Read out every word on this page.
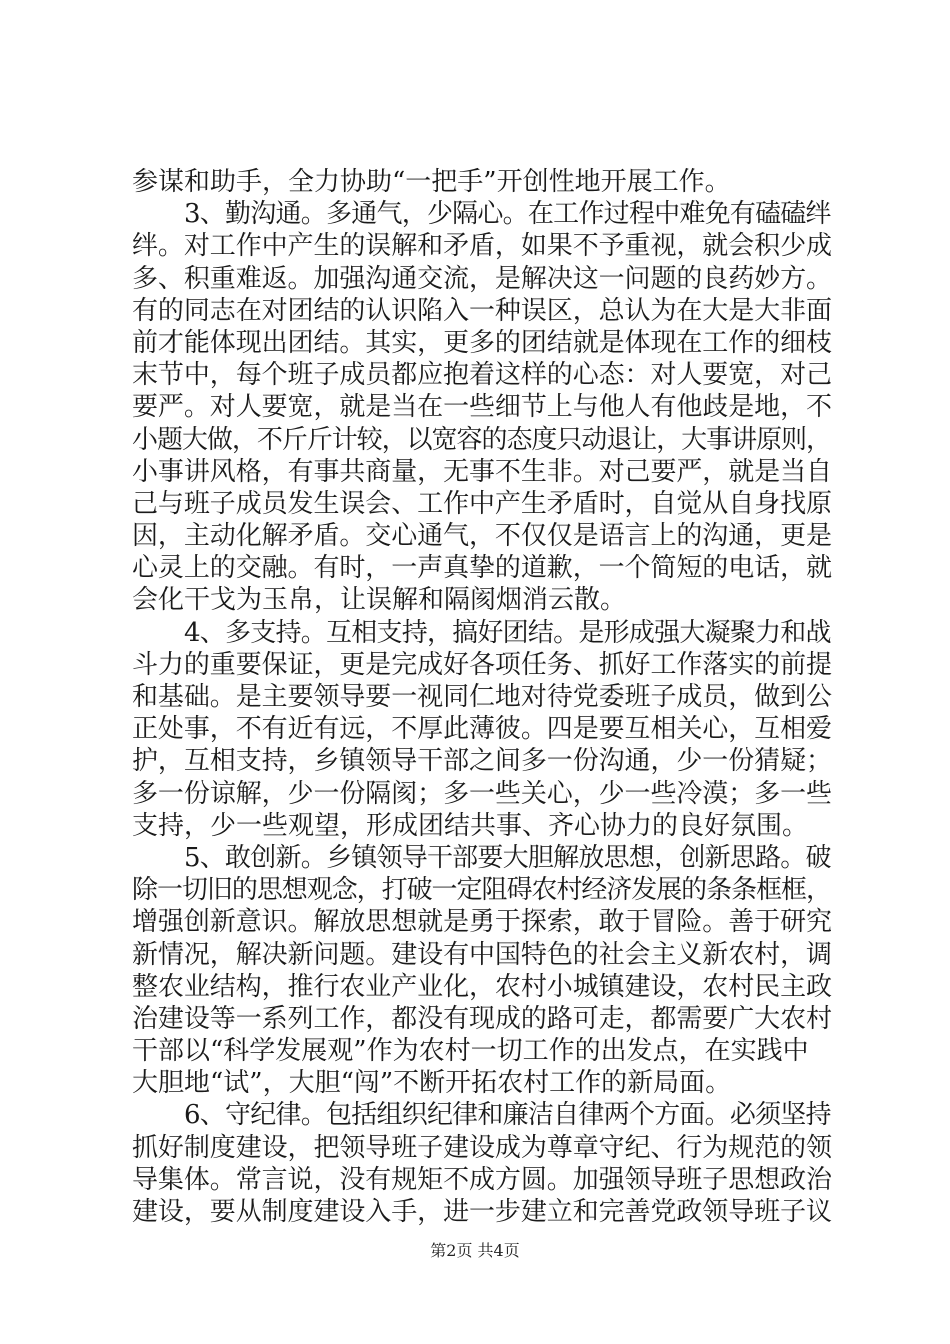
参谋和助手，全力协助“一把手”开创性地开展工作。
3、勤沟通。多通气，少隔心。在工作过程中难免有磕磕绊
绊。对工作中产生的误解和矛盾，如果不予重视，就会积少成
多、积重难返。加强沟通交流，是解决这一问题的良药妙方。
有的同志在对团结的认识陷入一种误区，总认为在大是大非面
前才能体现出团结。其实，更多的团结就是体现在工作的细枝
末节中，每个班子成员都应抱着这样的心态：对人要宽，对己
要严。对人要宽，就是当在一些细节上与他人有他歧是地，不
小题大做，不斤斤计较，以宽容的态度只动退让，大事讲原则，
小事讲风格，有事共商量，无事不生非。对己要严，就是当自
己与班子成员发生误会、工作中产生矛盾时，自觉从自身找原
因，主动化解矛盾。交心通气，不仅仅是语言上的沟通，更是
心灵上的交融。有时，一声真挚的道歉，一个简短的电话，就
会化干戈为玉帛，让误解和隔阂烟消云散。
4、多支持。互相支持，搞好团结。是形成强大凝聚力和战
斗力的重要保证，更是完成好各项任务、抓好工作落实的前提
和基础。是主要领导要一视同仁地对待党委班子成员，做到公
正处事，不有近有远，不厚此薄彼。四是要互相关心，互相爱
护，互相支持，乡镇领导干部之间多一份沟通，少一份猜疑；
多一份谅解，少一份隔阂；多一些关心，少一些冷漠；多一些
支持，少一些观望，形成团结共事、齐心协力的良好氛围。
5、敢创新。乡镇领导干部要大胆解放思想，创新思路。破
除一切旧的思想观念，打破一定阻碍农村经济发展的条条框框，
增强创新意识。解放思想就是勇于探索，敢于冒险。善于研究
新情况，解决新问题。建设有中国特色的社会主义新农村，调
整农业结构，推行农业产业化，农村小城镇建设，农村民主政
治建设等一系列工作，都没有现成的路可走，都需要广大农村
干部以“科学发展观”作为农村一切工作的出发点，在实践中
大胆地“试”，大胆“闯”不断开拓农村工作的新局面。
6、守纪律。包括组织纪律和廉洁自律两个方面。必须坚持
抓好制度建设，把领导班子建设成为尊章守纪、行为规范的领
导集体。常言说，没有规矩不成方圆。加强领导班子思想政治
建设，要从制度建设入手，进一步建立和完善党政领导班子议
第2页 共4页
